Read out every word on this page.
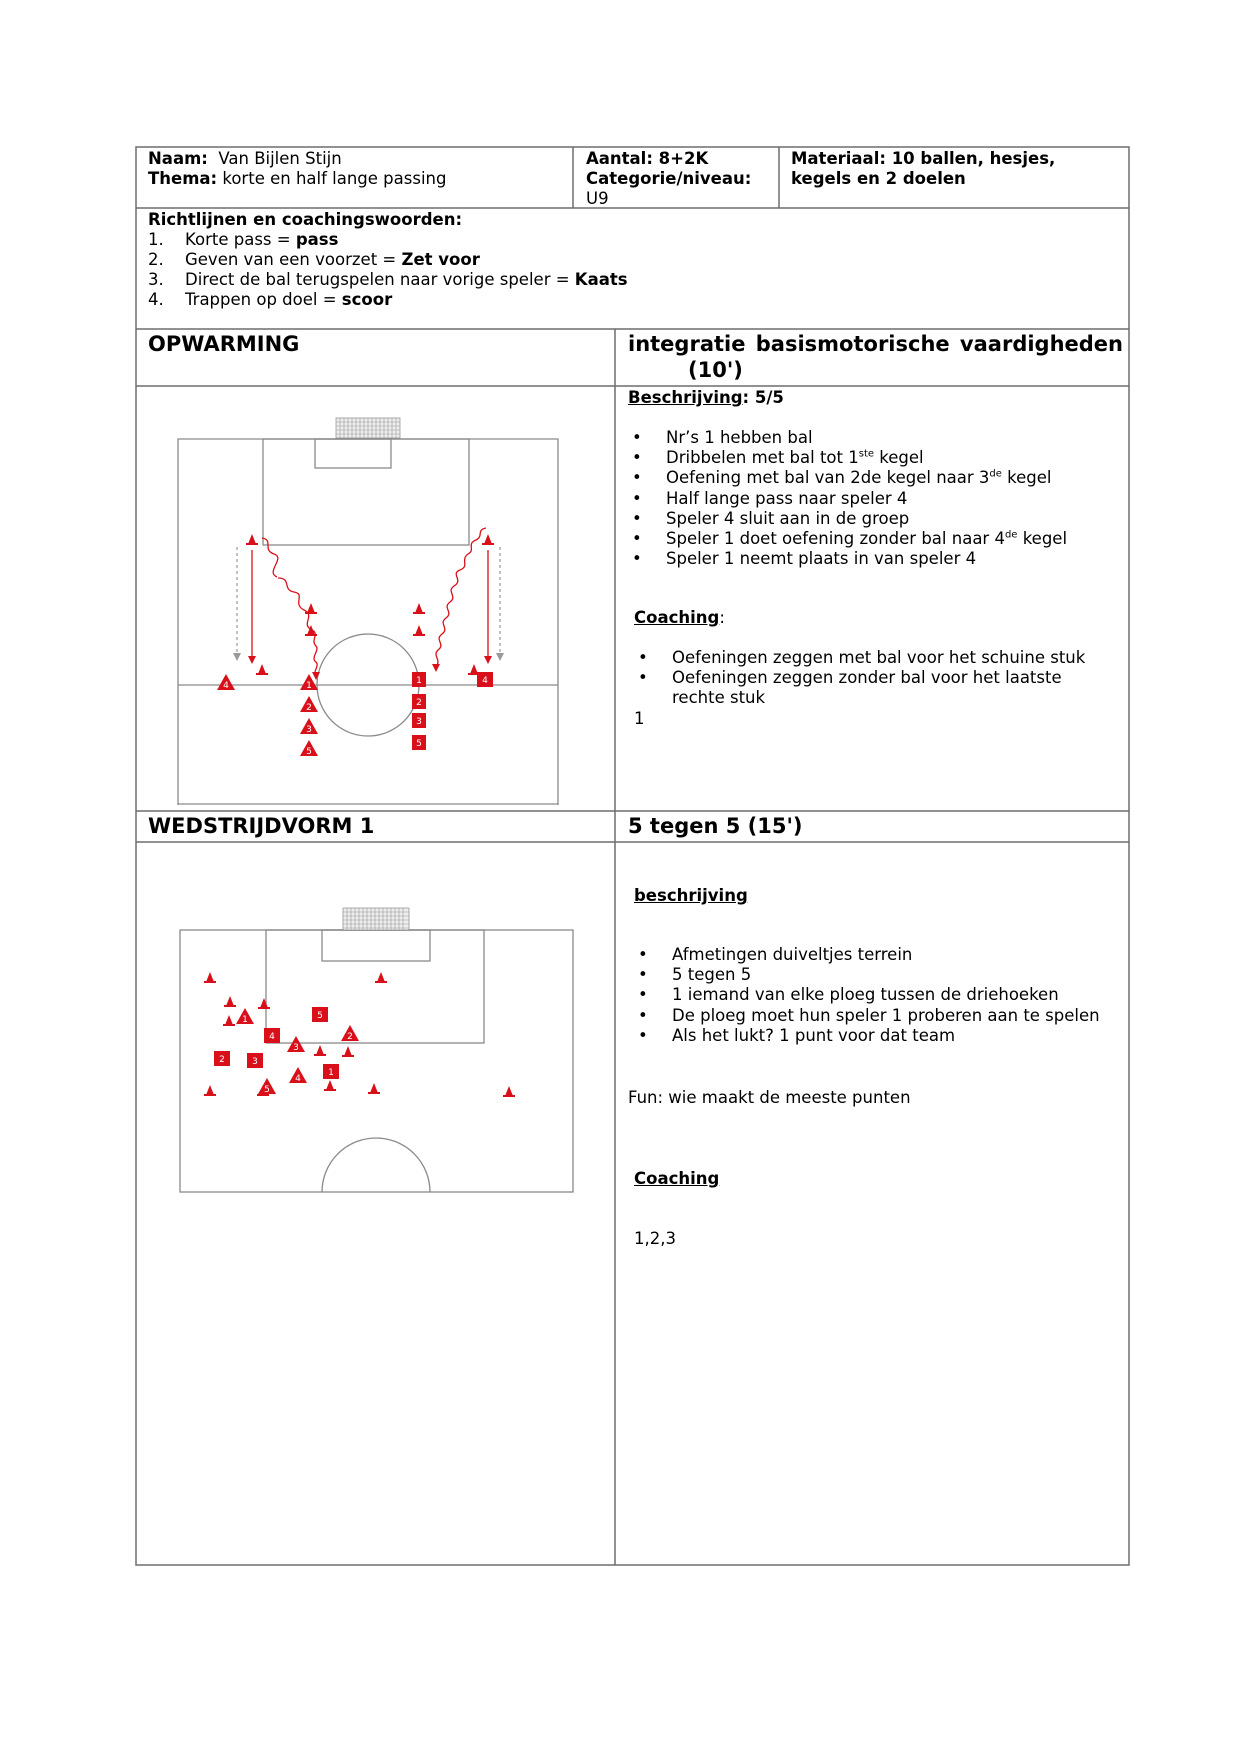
Naam: Van Bijlen Stijn
Thema: korte en half lange passing
Aantal: 8+2K
Categorie/niveau:
U9
Materiaal: 10 ballen, hesjes,
kegels en 2 doelen
Richtlijnen en coachingswoorden:
1. Korte pass = pass
2. Geven van een voorzet = Zet voor
3. Direct de bal terugspelen naar vorige speler = Kaats
4. Trappen op doel = scoor
OPWARMING	integratie basismotorische vaardigheden
(10')
1
2
3
5
4
4	1
2
3
5
Beschrijving: 5/5
• Nr’s 1 hebben bal
• Dribbelen met bal tot 1ste kegel
• Oefening met bal van 2de kegel naar 3de kegel
• Half lange pass naar speler 4
• Speler 4 sluit aan in de groep
• Speler 1 doet oefening zonder bal naar 4de kegel
• Speler 1 neemt plaats in van speler 4
Coaching:
• Oefeningen zeggen met bal voor het schuine stuk
• Oefeningen zeggen zonder bal voor het laatste rechte stuk
1
WEDSTRIJDVORM 1	5 tegen 5 (15')
5
4
2	3
1
1
2
3
4
5
beschrijving
• Afmetingen duiveltjes terrein
• 5 tegen 5
• 1 iemand van elke ploeg tussen de driehoeken
• De ploeg moet hun speler 1 proberen aan te spelen
• Als het lukt? 1 punt voor dat team
Fun: wie maakt de meeste punten
Coaching
1,2,3
